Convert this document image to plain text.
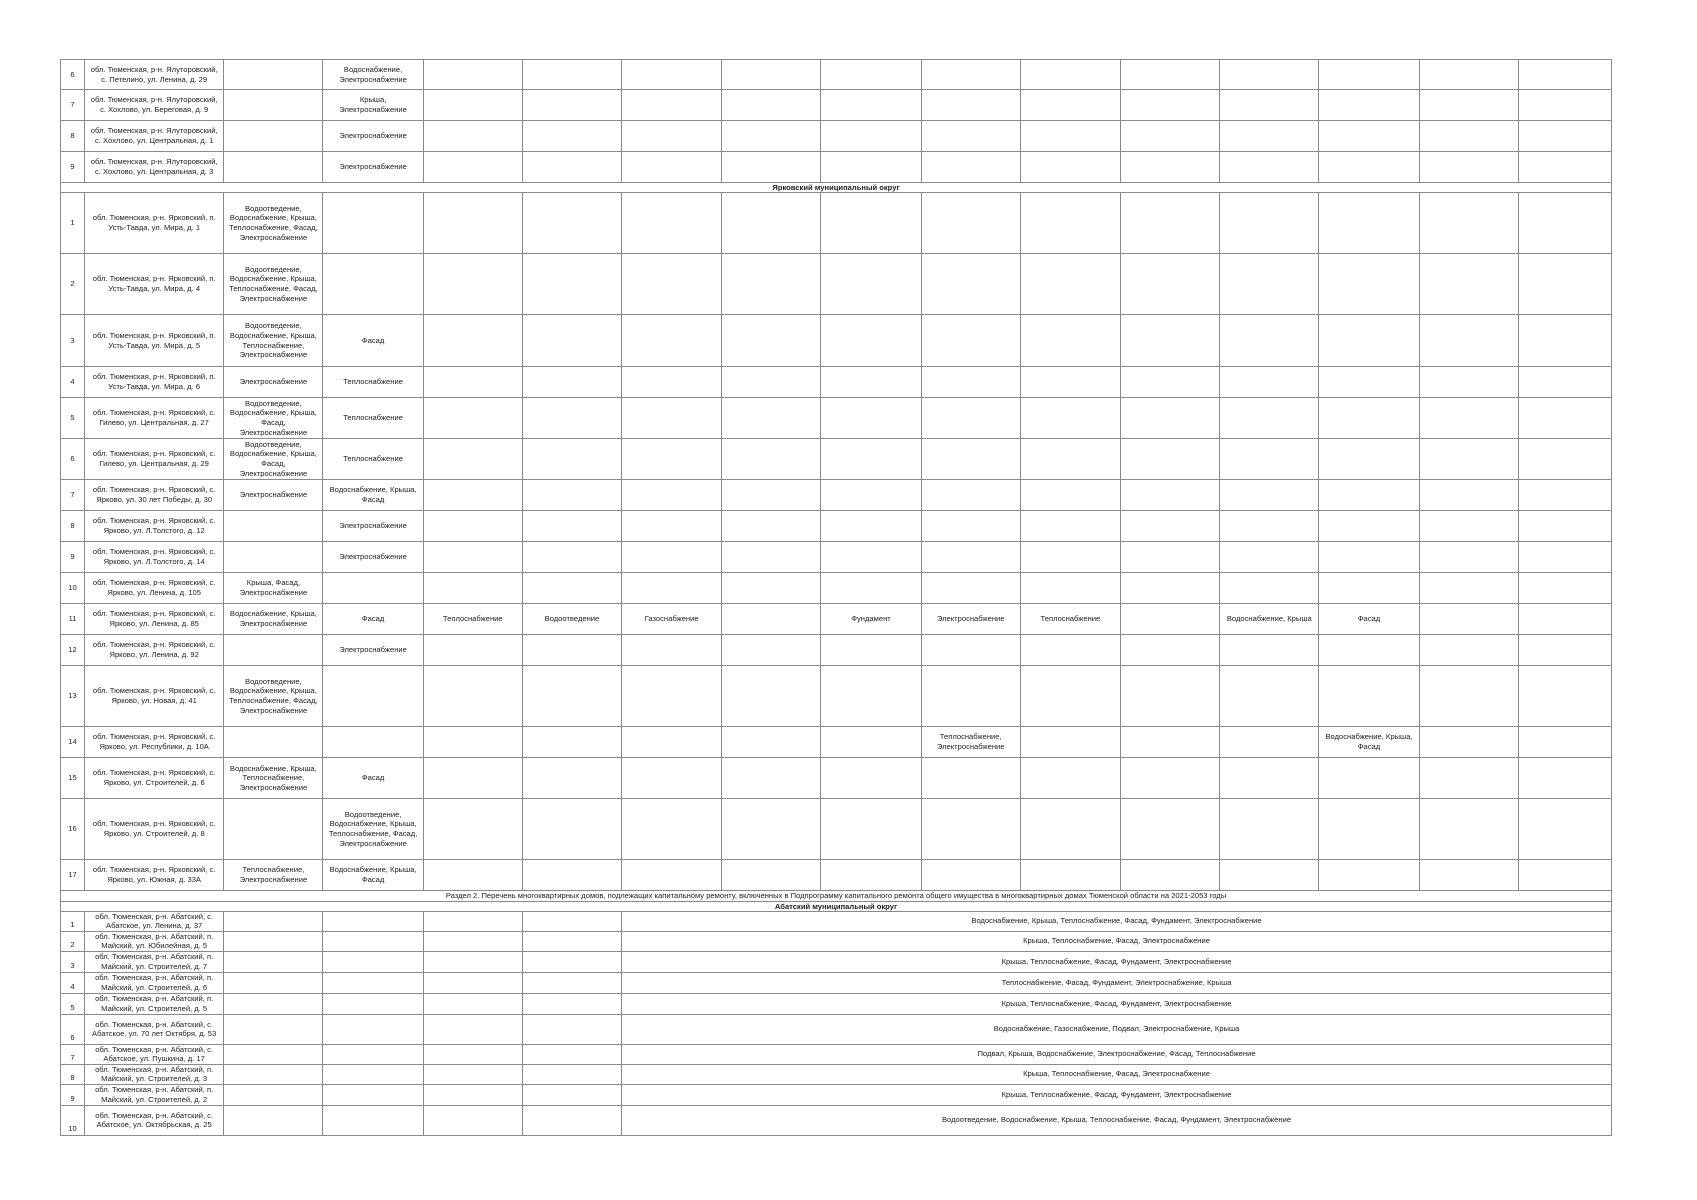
6	обл. Тюменская, р-н. Ялуторовский, с. Петелино, ул. Ленина, д. 29		Водоснабжение, Электроснабжение												
7	обл. Тюменская, р-н. Ялуторовский, с. Хохлово, ул. Береговая, д. 9		Крыша, Электроснабжение												
8	обл. Тюменская, р-н. Ялуторовский, с. Хохлово, ул. Центральная, д. 1		Электроснабжение												
9	обл. Тюменская, р-н. Ялуторовский, с. Хохлово, ул. Центральная, д. 3		Электроснабжение												
Ярковский муниципальный округ															
1	обл. Тюменская, р-н. Ярковский, п. Усть-Тавда, ул. Мира, д. 1	Водоотведение, Водоснабжение, Крыша, Теплоснабжение, Фасад, Электроснабжение													
2	обл. Тюменская, р-н. Ярковский, п. Усть-Тавда, ул. Мира, д. 4	Водоотведение, Водоснабжение, Крыша, Теплоснабжение, Фасад, Электроснабжение													
3	обл. Тюменская, р-н. Ярковский, п. Усть-Тавда, ул. Мира, д. 5	Водоотведение, Водоснабжение, Крыша, Теплоснабжение, Электроснабжение	Фасад												
4	обл. Тюменская, р-н. Ярковский, п. Усть-Тавда, ул. Мира, д. 6	Электроснабжение	Теплоснабжение												
5	обл. Тюменская, р-н. Ярковский, с. Гилево, ул. Центральная, д. 27	Водоотведение, Водоснабжение, Крыша, Фасад, Электроснабжение	Теплоснабжение												
6	обл. Тюменская, р-н. Ярковский, с. Гилево, ул. Центральная, д. 29	Водоотведение, Водоснабжение, Крыша, Фасад, Электроснабжение	Теплоснабжение												
7	обл. Тюменская, р-н. Ярковский, с. Ярково, ул. 30 лет Победы, д. 30	Электроснабжение	Водоснабжение, Крыша, Фасад												
8	обл. Тюменская, р-н. Ярковский, с. Ярково, ул. Л.Толстого, д. 12		Электроснабжение												
9	обл. Тюменская, р-н. Ярковский, с. Ярково, ул. Л.Толстого, д. 14		Электроснабжение												
10	обл. Тюменская, р-н. Ярковский, с. Ярково, ул. Ленина, д. 105	Крыша, Фасад, Электроснабжение													
11	обл. Тюменская, р-н. Ярковский, с. Ярково, ул. Ленина, д. 85	Водоснабжение, Крыша, Электроснабжение	Фасад	Теплоснабжение	Водоотведение	Газоснабжение		Фундамент	Электроснабжение	Теплоснабжение		Водоснабжение, Крыша	Фасад		
12	обл. Тюменская, р-н. Ярковский, с. Ярково, ул. Ленина, д. 92		Электроснабжение												
13	обл. Тюменская, р-н. Ярковский, с. Ярково, ул. Новая, д. 41	Водоотведение, Водоснабжение, Крыша, Теплоснабжение, Фасад, Электроснабжение													
14	обл. Тюменская, р-н. Ярковский, с. Ярково, ул. Республики, д. 10А								Теплоснабжение, Электроснабжение				Водоснабжение, Крыша, Фасад		
15	обл. Тюменская, р-н. Ярковский, с. Ярково, ул. Строителей, д. 6	Водоснабжение, Крыша, Теплоснабжение, Электроснабжение	Фасад												
16	обл. Тюменская, р-н. Ярковский, с. Ярково, ул. Строителей, д. 8		Водоотведение, Водоснабжение, Крыша, Теплоснабжение, Фасад, Электроснабжение												
17	обл. Тюменская, р-н. Ярковский, с. Ярково, ул. Южная, д. 33А	Теплоснабжение, Электроснабжение	Водоснабжение, Крыша, Фасад												
Раздел 2. Перечень многоквартирных домов, подлежащих капитальному ремонту, включенных в Подпрограмму капитального ремонта общего имущества в многоквартирных домах Тюменской области на 2021-2053 годы															
Абатский муниципальный округ															
1	обл. Тюменская, р-н. Абатский, с. Абатское, ул. Ленина, д. 37					Водоснабжение, Крыша, Теплоснабжение, Фасад, Фундамент, Электроснабжение									
2	обл. Тюменская, р-н. Абатский, п. Майский, ул. Юбилейная, д. 5					Крыша, Теплоснабжение, Фасад, Электроснабжение									
3	обл. Тюменская, р-н. Абатский, п. Майский, ул. Строителей, д. 7					Крыша, Теплоснабжение, Фасад, Фундамент, Электроснабжение									
4	обл. Тюменская, р-н. Абатский, п. Майский, ул. Строителей, д. 6					Теплоснабжение, Фасад, Фундамент, Электроснабжение, Крыша									
5	обл. Тюменская, р-н. Абатский, п. Майский, ул. Строителей, д. 5					Крыша, Теплоснабжение, Фасад, Фундамент, Электроснабжение									
6	обл. Тюменская, р-н. Абатский, с. Абатское, ул. 70 лет Октября, д. 53					Водоснабжение, Газоснабжение, Подвал, Электроснабжение, Крыша									
7	обл. Тюменская, р-н. Абатский, с. Абатское, ул. Пушкина, д. 17					Подвал, Крыша, Водоснабжение, Электроснабжение, Фасад, Теплоснабжение									
8	обл. Тюменская, р-н. Абатский, п. Майский, ул. Строителей, д. 3					Крыша, Теплоснабжение, Фасад, Электроснабжение									
9	обл. Тюменская, р-н. Абатский, п. Майский, ул. Строителей, д. 2					Крыша, Теплоснабжение, Фасад, Фундамент, Электроснабжение									
10	обл. Тюменская, р-н. Абатский, с. Абатское, ул. Октябрьская, д. 25					Водоотведение, Водоснабжение, Крыша, Теплоснабжение, Фасад, Фундамент, Электроснабжение									
